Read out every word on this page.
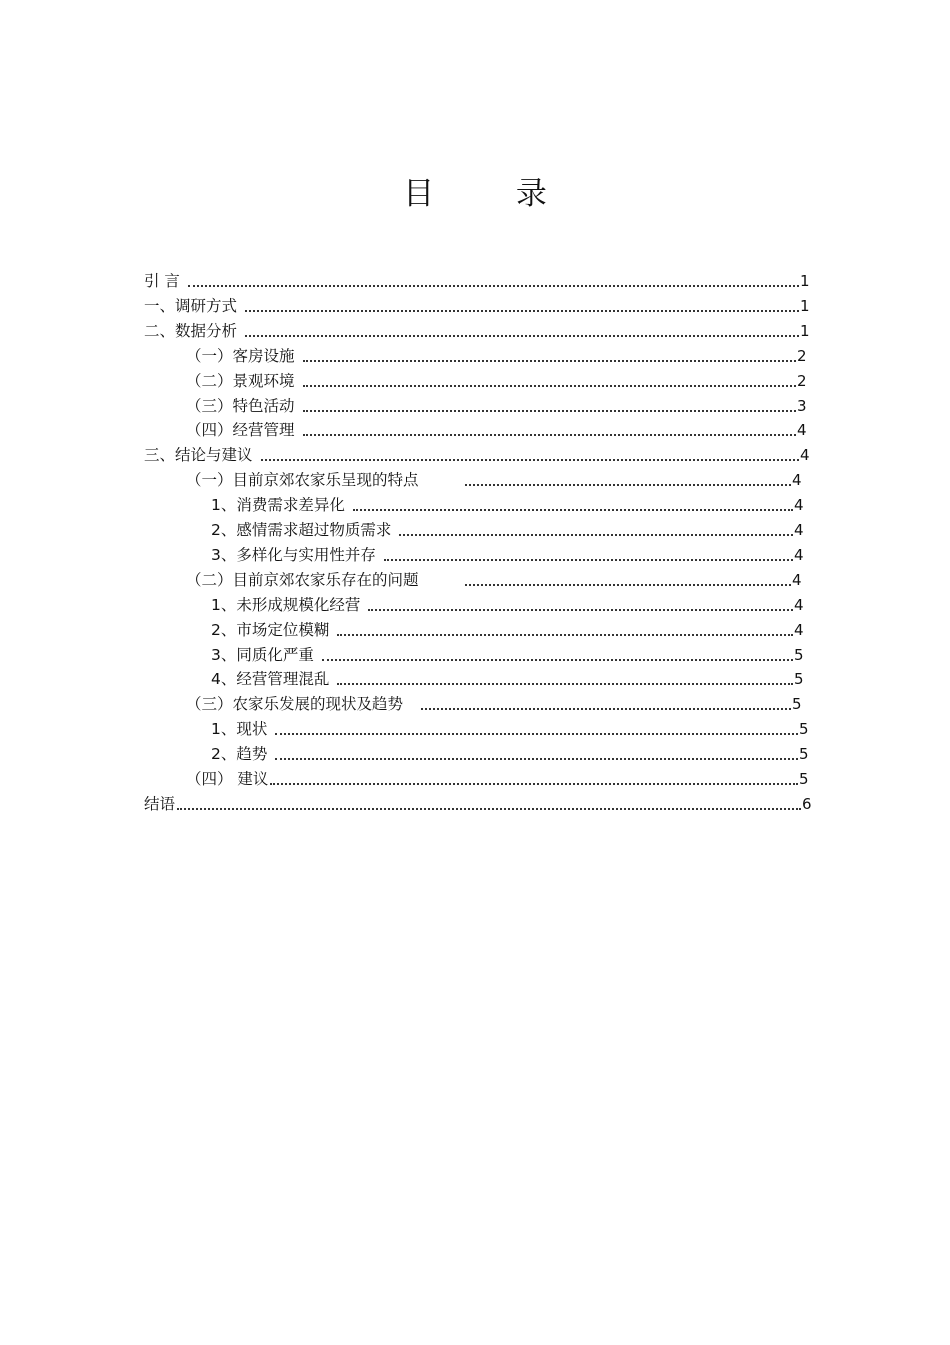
目 录
引 言	1
一、调研方式	1
二、数据分析	1
（一）客房设施	2
（二）景观环境	2
（三）特色活动	3
（四）经营管理	4
三、结论与建议	4
（一）目前京郊农家乐呈现的特点	4
1、消费需求差异化	4
2、感情需求超过物质需求	4
3、多样化与实用性并存	4
（二）目前京郊农家乐存在的问题	4
1、未形成规模化经营	4
2、市场定位模糊	4
3、同质化严重	5
4、经营管理混乱	5
（三）农家乐发展的现状及趋势	5
1、现状	5
2、趋势	5
（四） 建议	5
结语	6
